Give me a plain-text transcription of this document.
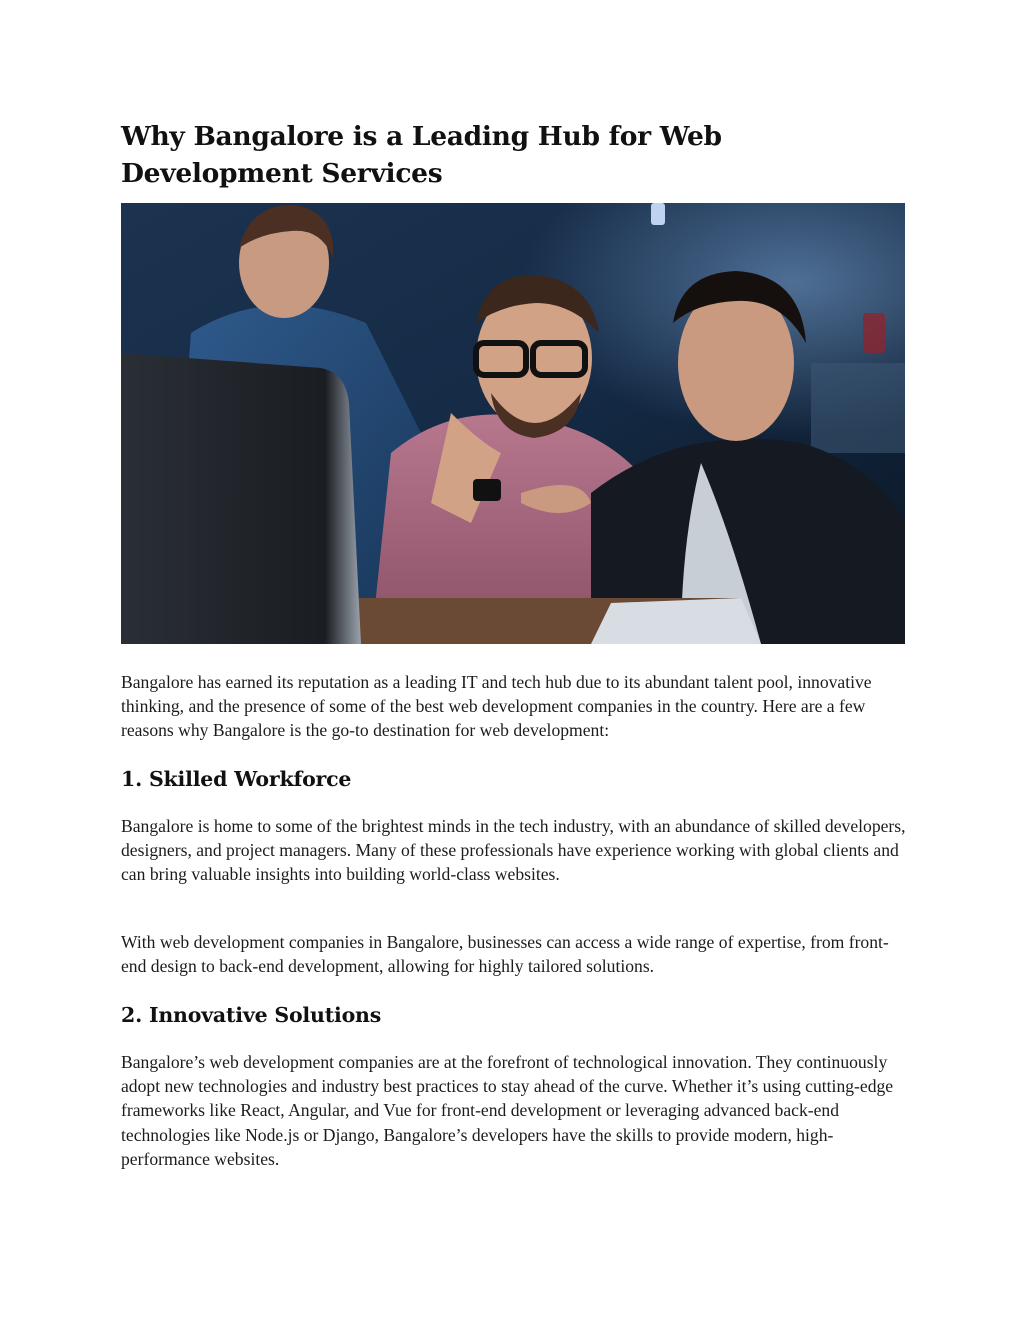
Why Bangalore is a Leading Hub for Web Development Services

Bangalore has earned its reputation as a leading IT and tech hub due to its abundant talent pool, innovative thinking, and the presence of some of the best web development companies in the country. Here are a few reasons why Bangalore is the go-to destination for web development:

1. Skilled Workforce

Bangalore is home to some of the brightest minds in the tech industry, with an abundance of skilled developers, designers, and project managers. Many of these professionals have experience working with global clients and can bring valuable insights into building world-class websites.

With web development companies in Bangalore, businesses can access a wide range of expertise, from front-end design to back-end development, allowing for highly tailored solutions.

2. Innovative Solutions

Bangalore’s web development companies are at the forefront of technological innovation. They continuously adopt new technologies and industry best practices to stay ahead of the curve. Whether it’s using cutting-edge frameworks like React, Angular, and Vue for front-end development or leveraging advanced back-end technologies like Node.js or Django, Bangalore’s developers have the skills to provide modern, high-performance websites.
